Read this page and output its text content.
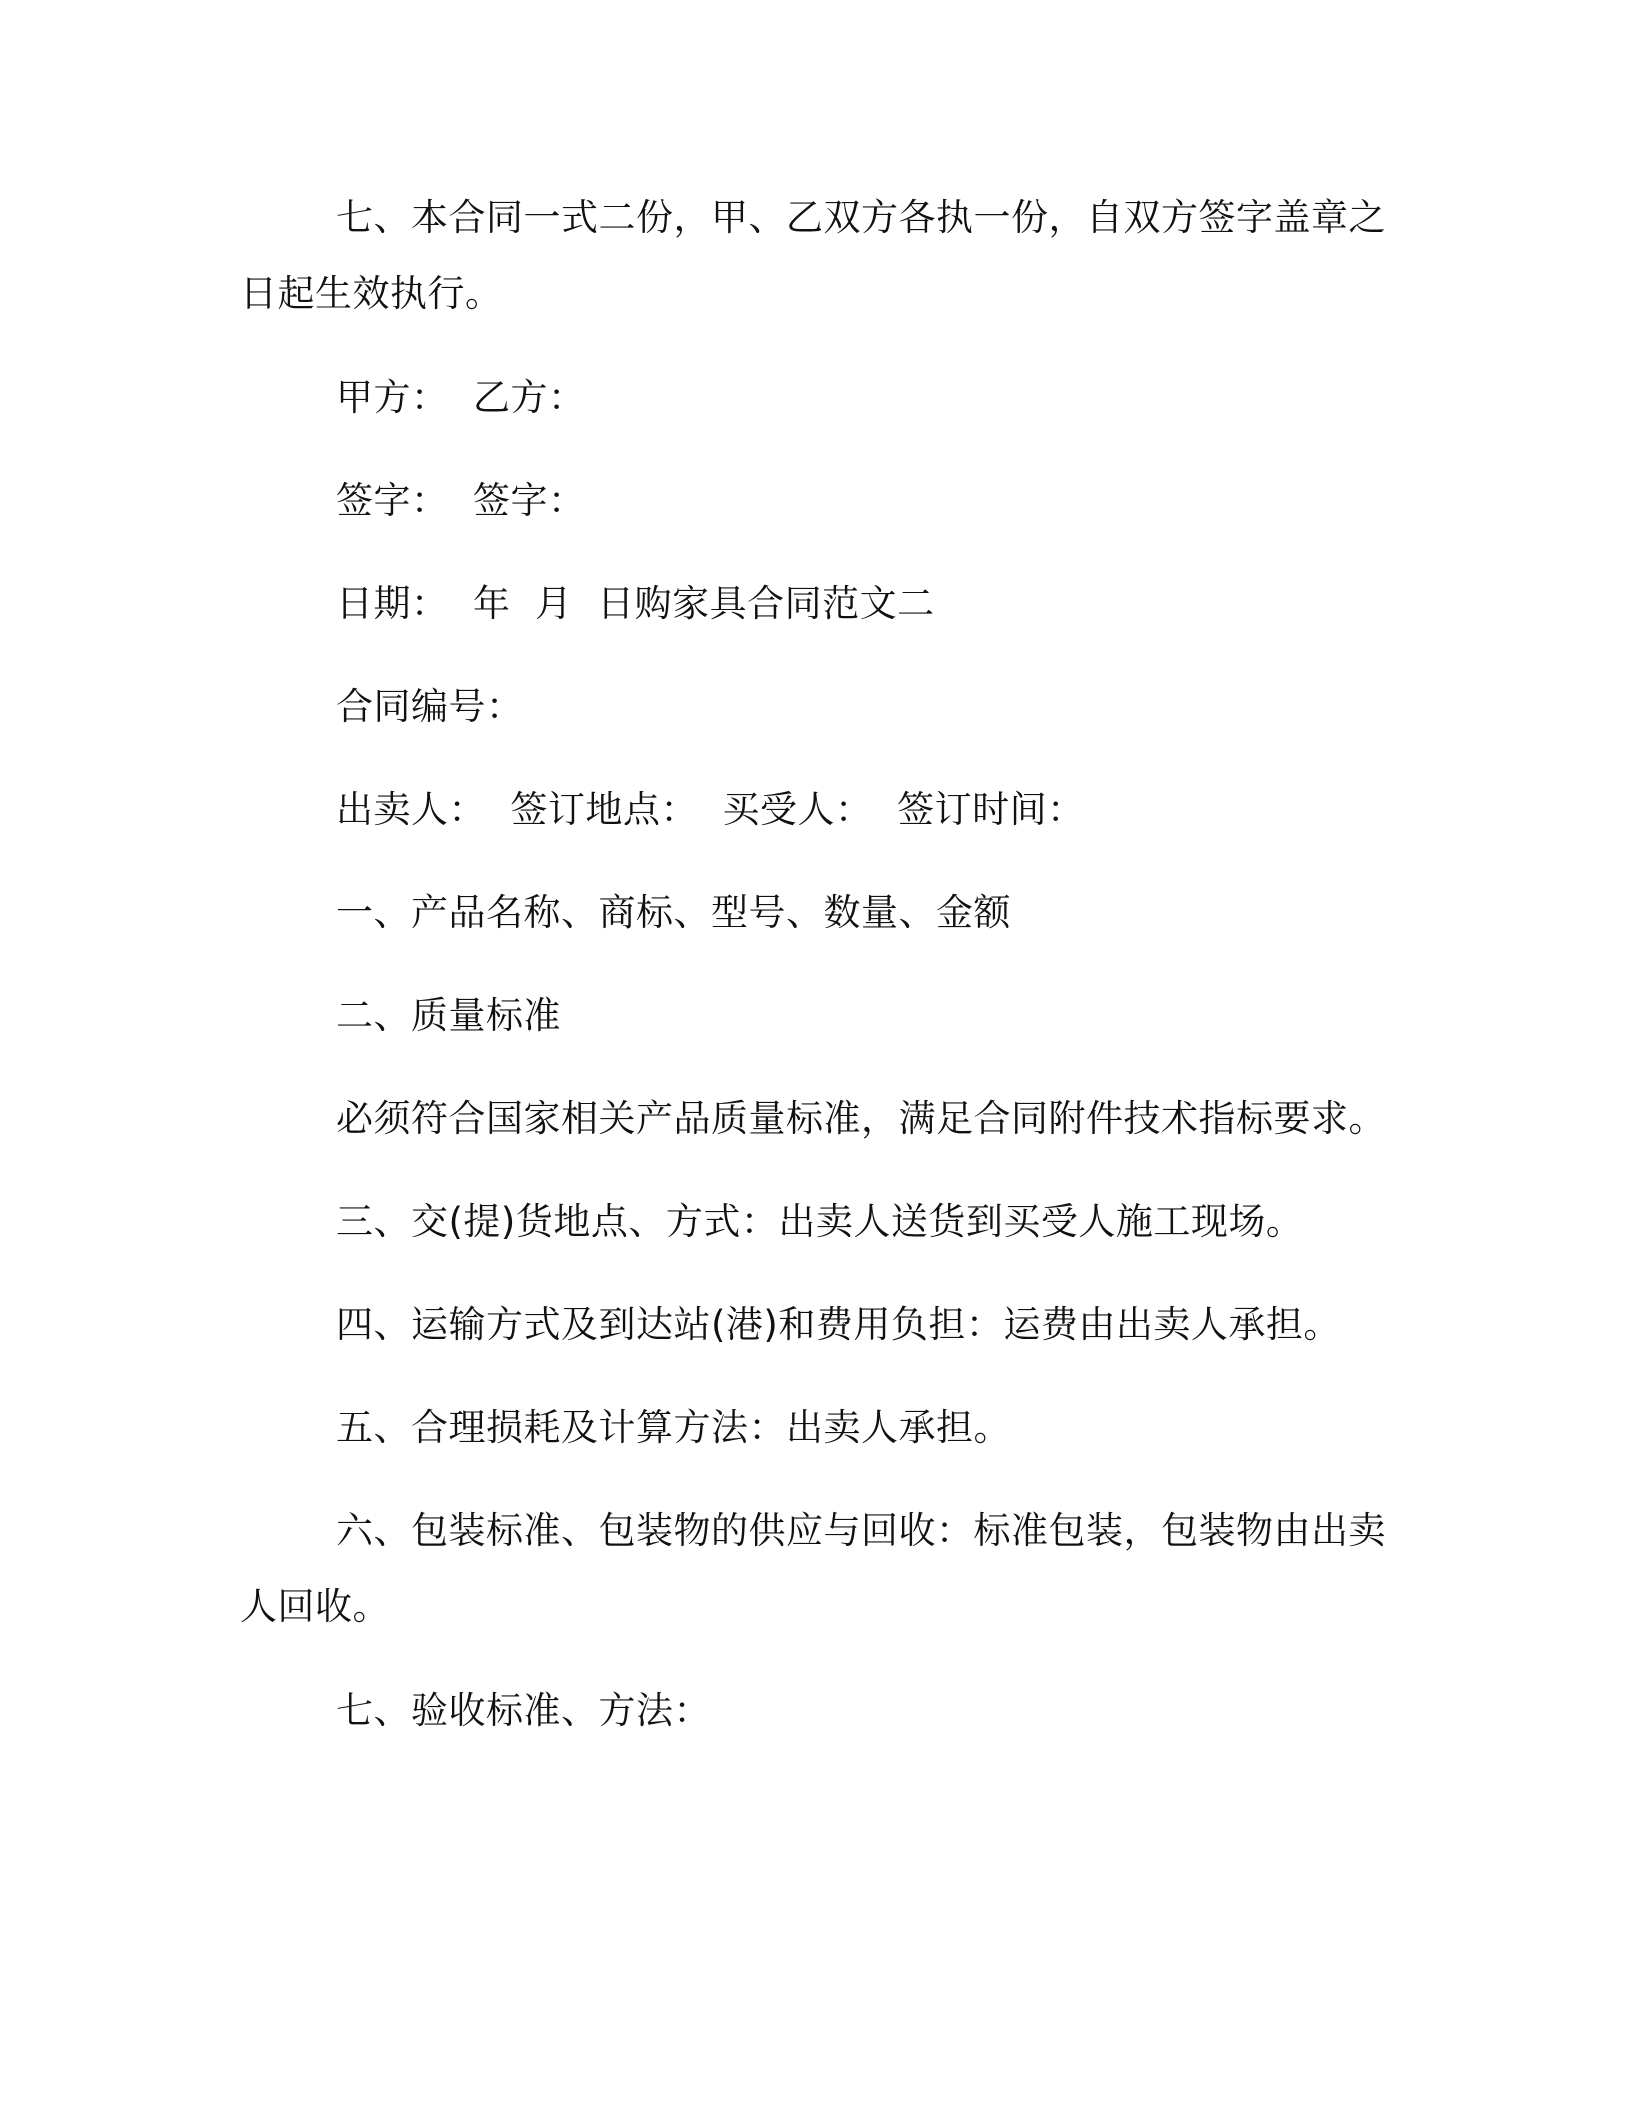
七、本合同一式二份，甲、乙双方各执一份，自双方签字盖章之日起生效执行。

甲方：  乙方：

签字：  签字：

日期：  年  月  日购家具合同范文二

合同编号：

出卖人：  签订地点：  买受人：  签订时间：

一、产品名称、商标、型号、数量、金额

二、质量标准

必须符合国家相关产品质量标准，满足合同附件技术指标要求。

三、交(提)货地点、方式：出卖人送货到买受人施工现场。

四、运输方式及到达站(港)和费用负担：运费由出卖人承担。

五、合理损耗及计算方法：出卖人承担。

六、包装标准、包装物的供应与回收：标准包装，包装物由出卖人回收。

七、验收标准、方法：
